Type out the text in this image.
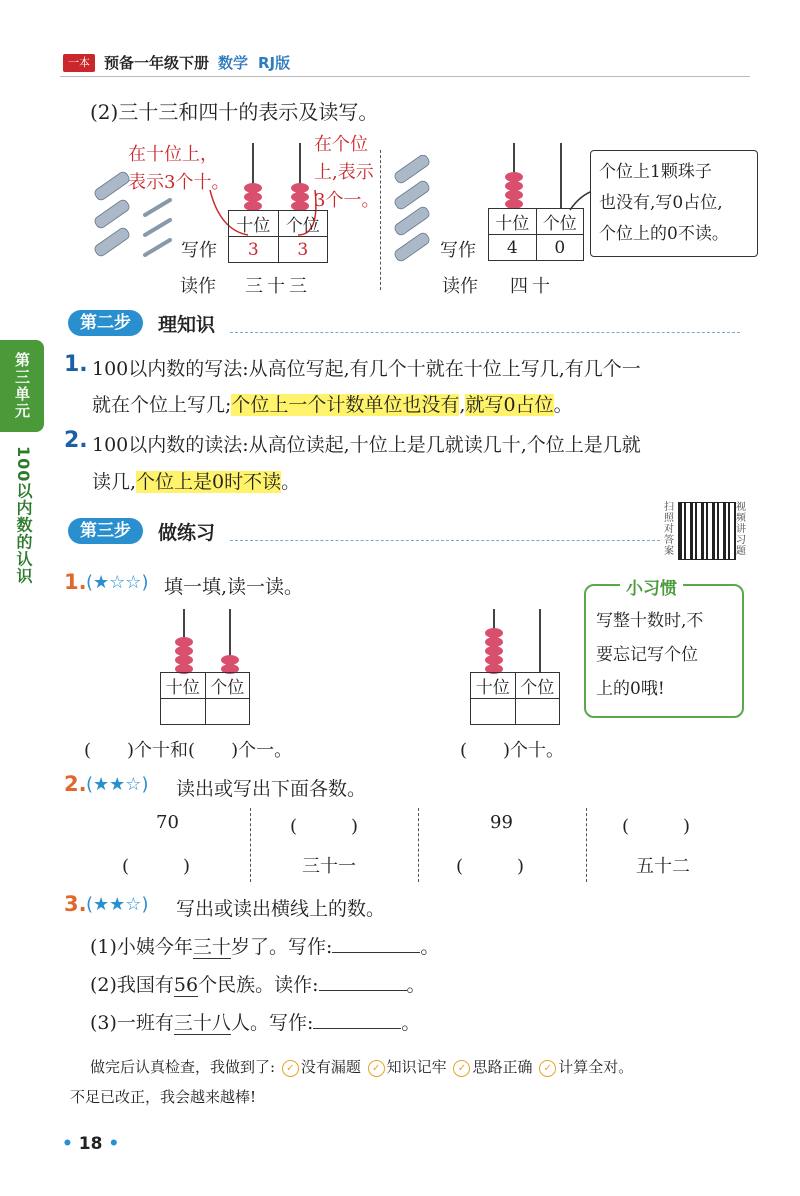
一本 预备一年级下册 数学 RJ版
第三单元
100以内数的认识
(2)三十三和四十的表示及读写。
在十位上，
表示3个十。
在个位
上,表示
3个一。
写作
十位	个位
3	3
读作 三十三
写作
十位	个位
4	0
读作 四十
个位上1颗珠子
也没有,写0占位,
个位上的0不读。
第二步	理知识
1. 100以内数的写法:从高位写起,有几个十就在十位上写几,有几个一
就在个位上写几;个位上一个计数单位也没有,就写0占位。
2. 100以内数的读法:从高位读起,十位上是几就读几十,个位上是几就
读几,个位上是0时不读。
第三步	做练习
扫照对答案
视频讲习题
1. (★☆☆) 填一填,读一读。
十位	个位

(　　)个十和(　　)个一。
十位	个位

(　　)个十。
小习惯
写整十数时,不
要忘记写个位
上的0哦!
2. (★★☆) 读出或写出下面各数。
70	(　　　)	99	(　　　)
(　　　)	三十一	(　　　)	五十二
3. (★★☆) 写出或读出横线上的数。
(1)小姨今年三十岁了。写作:	。
(2)我国有56个民族。读作:	。
(3)一班有三十八人。写作:	。
做完后认真检查，我做到了: ✓ 没有漏题 ✓ 知识记牢 ✓ 思路正确 ✓ 计算全对。
不足已改正，我会越来越棒!
• 18 •
